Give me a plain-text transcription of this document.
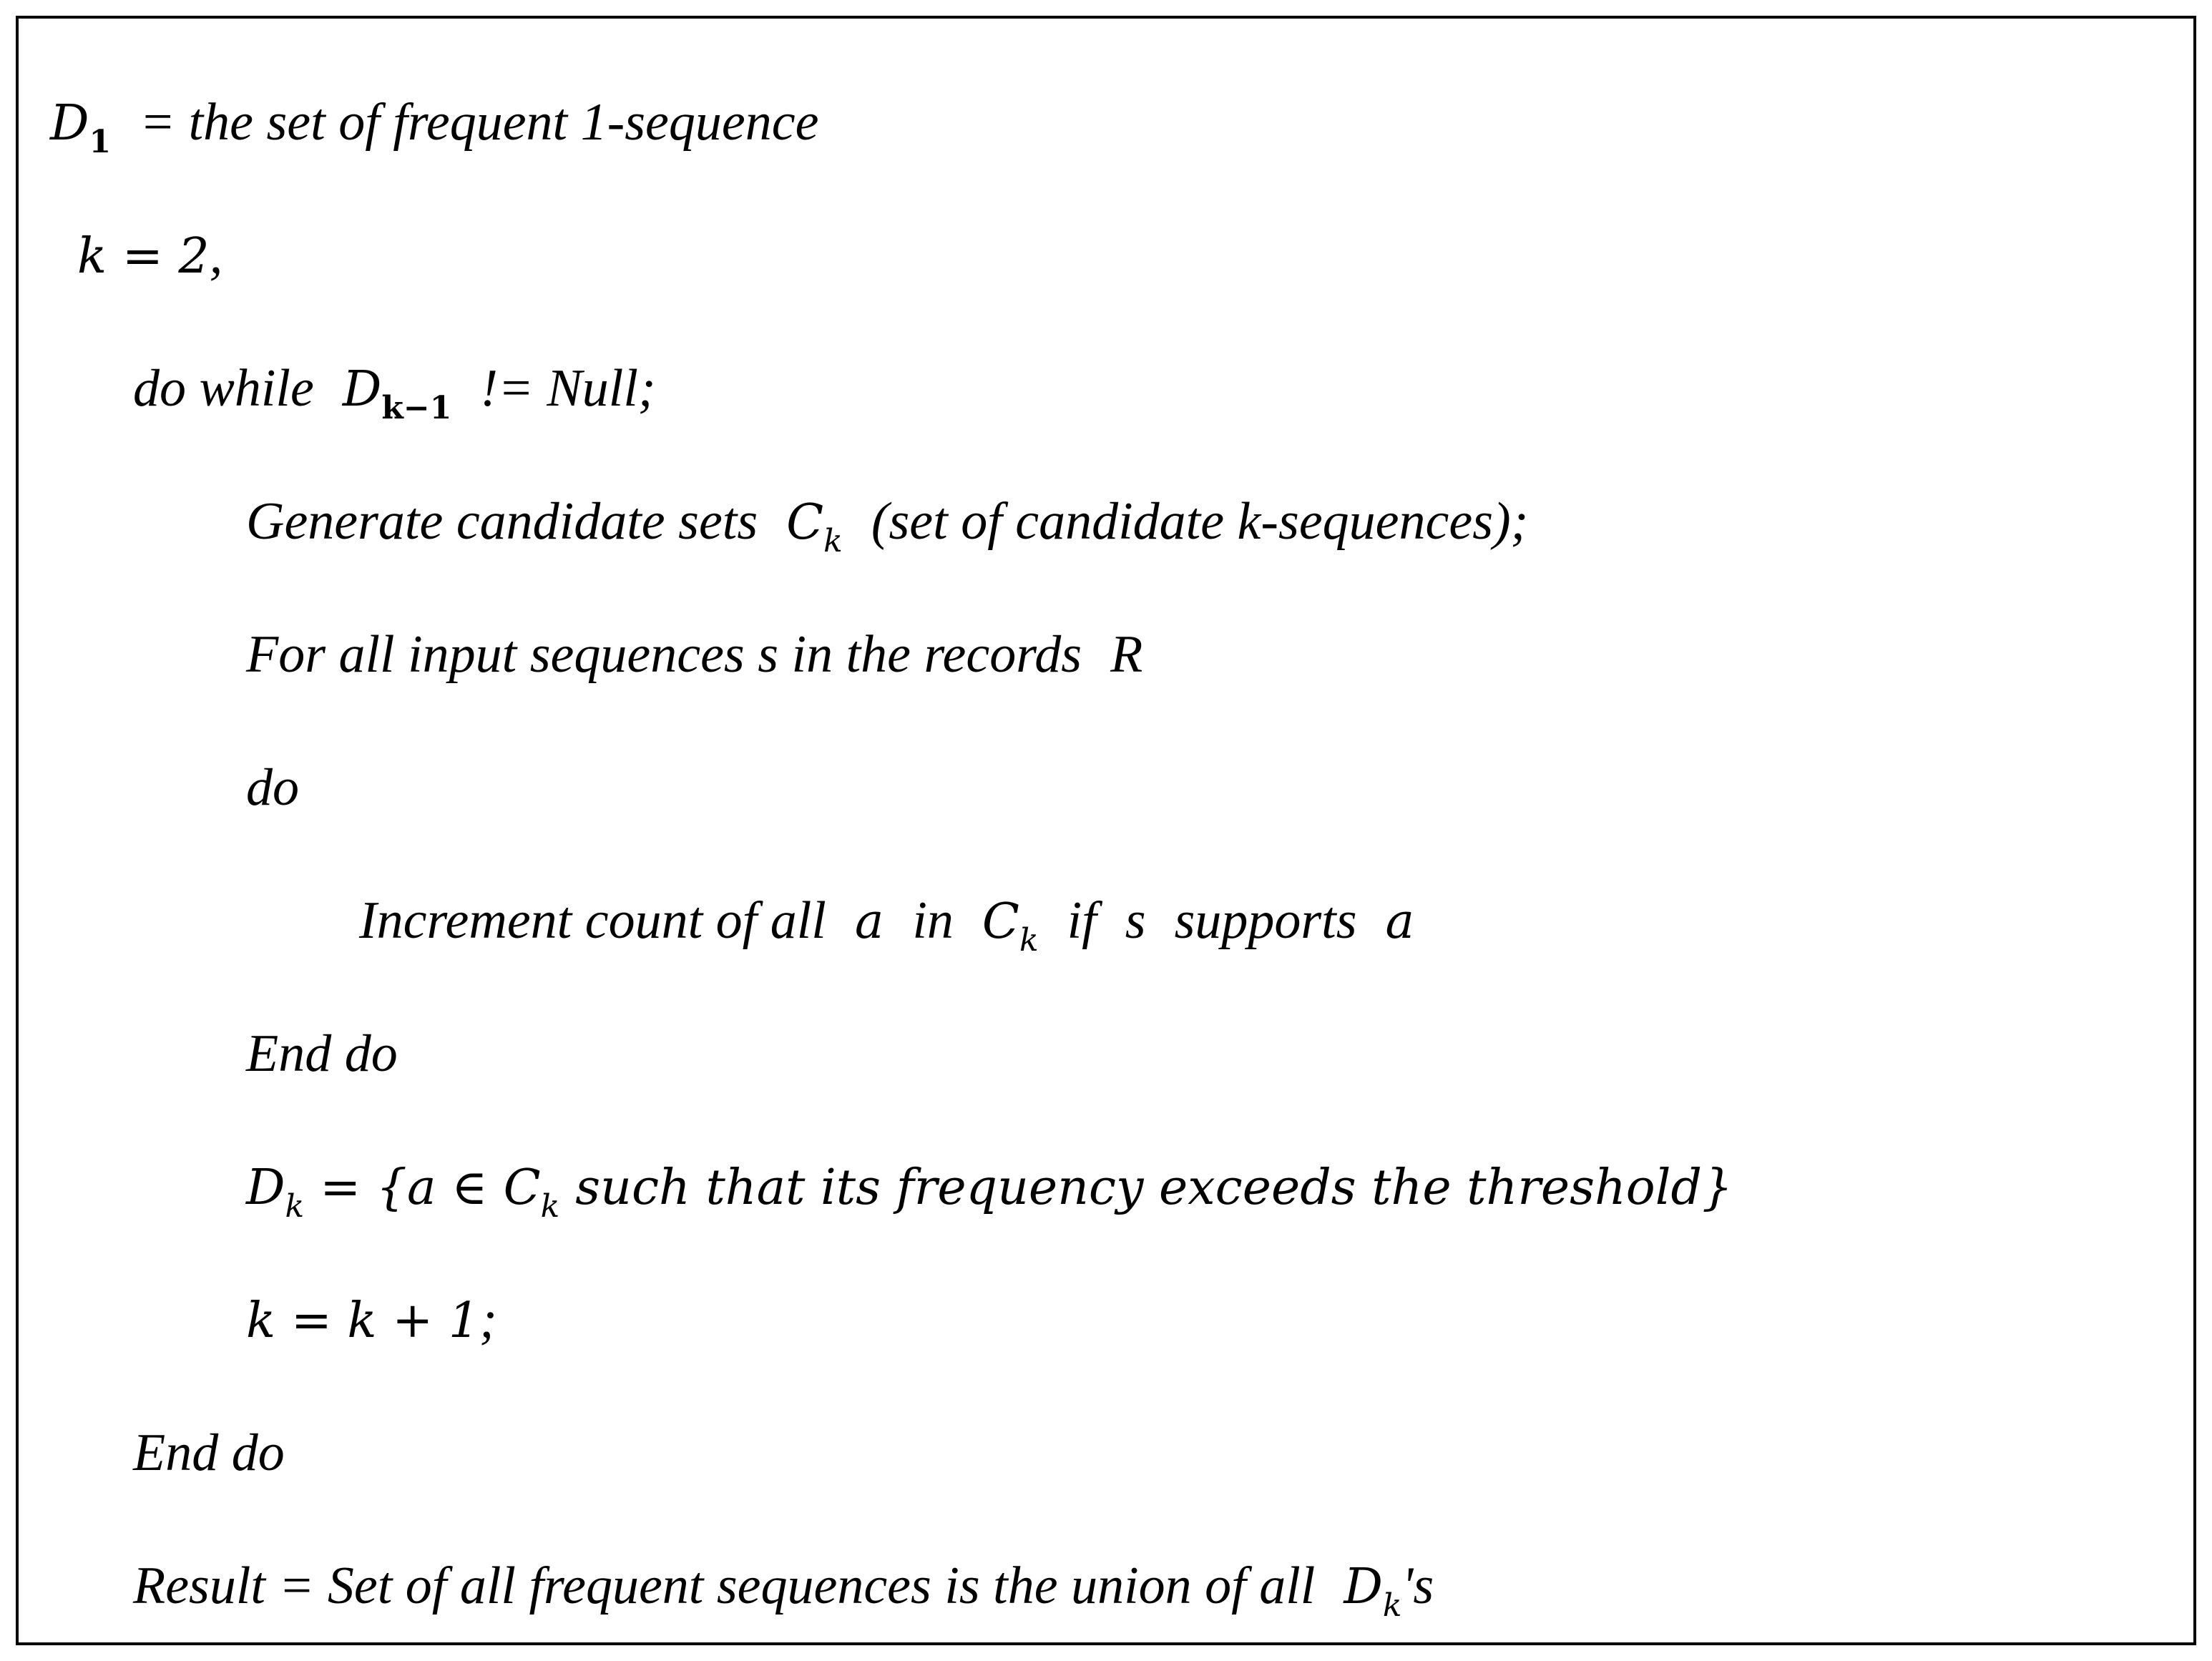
$D_1$ = the set of frequent 1-sequence
k = 2,
do while $D_{k-1}$ != Null;
Generate candidate sets $C_k$ (set of candidate k-sequences);
For all input sequences s in the records R
do
Increment count of all a in $C_k$ if s supports a
End do
$D_k = \{a$ ∈ $C_k$ such that its frequency exceeds the threshold}
k = k + 1;
End do
Result = Set of all frequent sequences is the union of all $D_k's$
